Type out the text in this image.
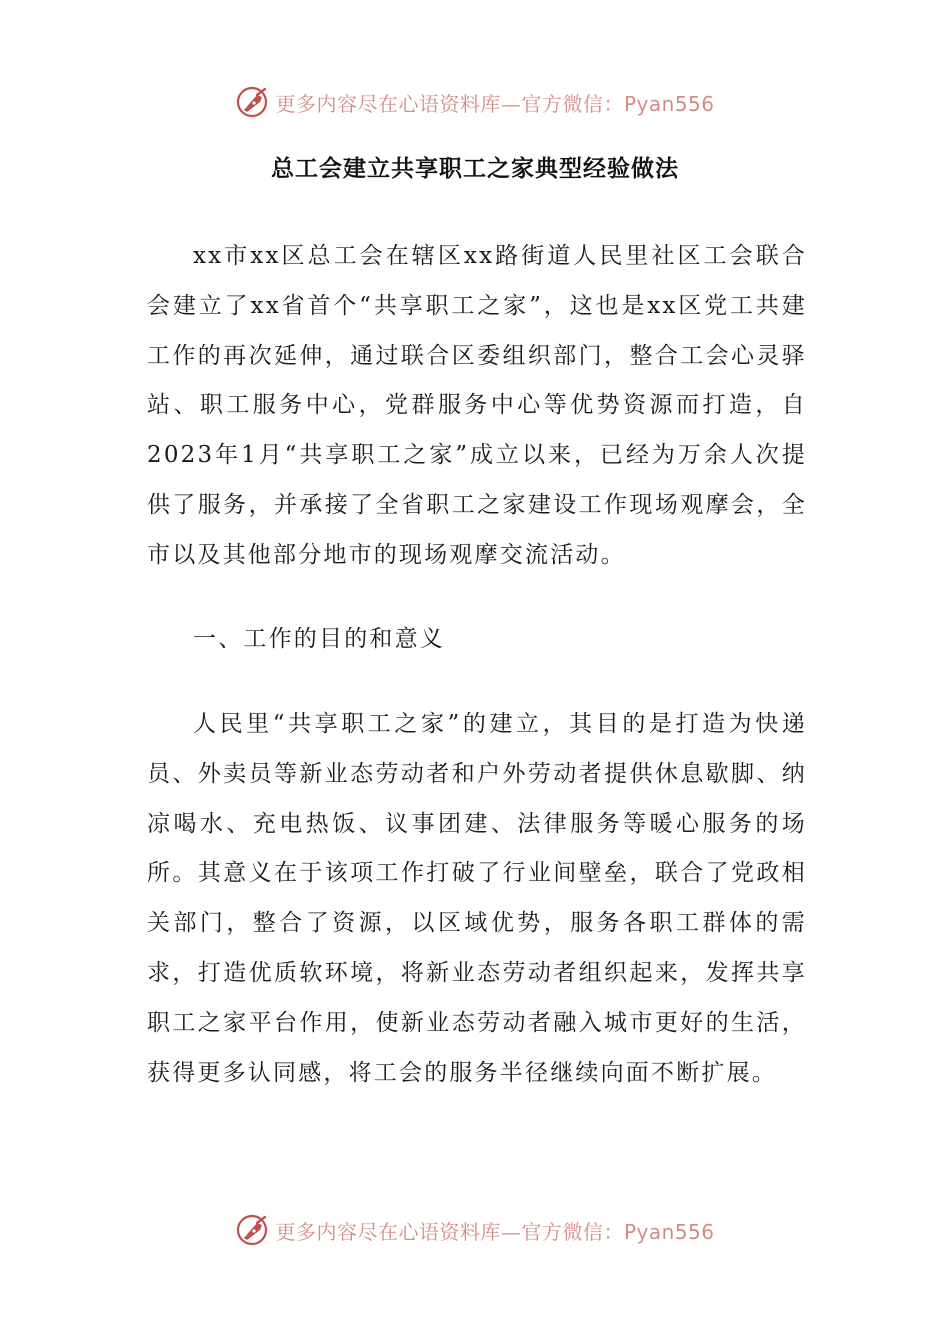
更多内容尽在心语资料库—官方微信：Pyan556
总工会建立共享职工之家典型经验做法

xx市xx区总工会在辖区xx路街道人民里社区工会联合会建立了xx省首个“共享职工之家”，这也是xx区党工共建工作的再次延伸，通过联合区委组织部门，整合工会心灵驿站、职工服务中心，党群服务中心等优势资源而打造，自2023年1月“共享职工之家”成立以来，已经为万余人次提供了服务，并承接了全省职工之家建设工作现场观摩会，全市以及其他部分地市的现场观摩交流活动。

一、工作的目的和意义

人民里“共享职工之家”的建立，其目的是打造为快递员、外卖员等新业态劳动者和户外劳动者提供休息歇脚、纳凉喝水、充电热饭、议事团建、法律服务等暖心服务的场所。其意义在于该项工作打破了行业间壁垒，联合了党政相关部门，整合了资源，以区域优势，服务各职工群体的需求，打造优质软环境，将新业态劳动者组织起来，发挥共享职工之家平台作用，使新业态劳动者融入城市更好的生活，获得更多认同感，将工会的服务半径继续向面不断扩展。

更多内容尽在心语资料库—官方微信：Pyan556
